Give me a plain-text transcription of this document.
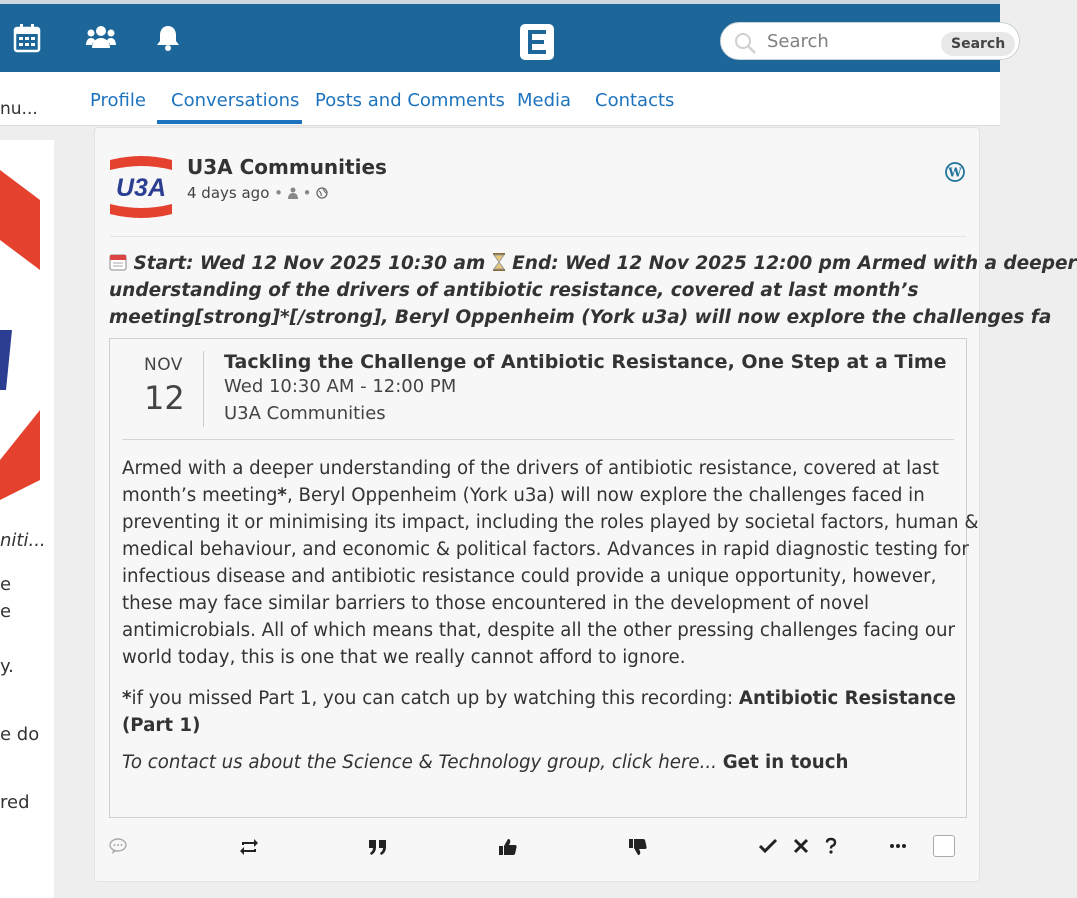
Search
Search
nu...	Profile Conversations Posts and Comments Media Contacts
niti...
e
e
y.
e do
red
U3A
U3A Communities
4 days ago •  •
W
Start: Wed 12 Nov 2025 10:30 am End: Wed 12 Nov 2025 12:00 pm Armed with a deeper
understanding of the drivers of antibiotic resistance, covered at last month’s
meeting[strong]*[/strong], Beryl Oppenheim (York u3a) will now explore the challenges fa
NOV
12
Tackling the Challenge of Antibiotic Resistance, One Step at a Time
Wed 10:30 AM - 12:00 PM
U3A Communities
Armed with a deeper understanding of the drivers of antibiotic resistance, covered at last
month’s meeting*, Beryl Oppenheim (York u3a) will now explore the challenges faced in
preventing it or minimising its impact, including the roles played by societal factors, human &
medical behaviour, and economic & political factors. Advances in rapid diagnostic testing for
infectious disease and antibiotic resistance could provide a unique opportunity, however,
these may face similar barriers to those encountered in the development of novel
antimicrobials. All of which means that, despite all the other pressing challenges facing our
world today, this is one that we really cannot afford to ignore.
*if you missed Part 1, you can catch up by watching this recording: Antibiotic Resistance (Part 1)
To contact us about the Science & Technology group, click here... Get in touch
